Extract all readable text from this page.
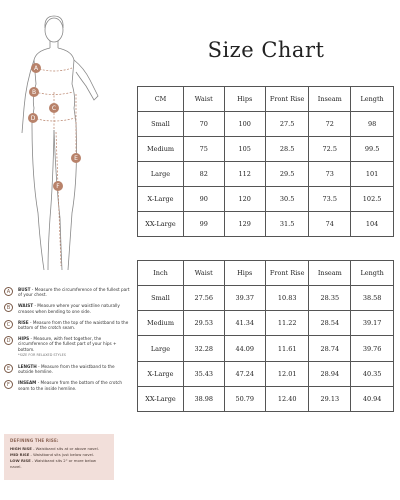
A
B
C
D
E
F
A	BUST - Measure the circumference of the fullest part of your chest.
B	WAIST - Measure where your waistline naturally creases when bending to one side.
C	RISE - Measure from the top of the waistband to the bottom of the crotch seam.
D	HIPS - Measure, with feet together, the circumference of the fullest part of your hips + bottom.
*SIZE FOR RELAXED STYLES
E	LENGTH - Measure from the waistband to the outside hemline.
F	INSEAM - Measure from the bottom of the crotch seam to the inside hemline.
DEFINING THE RISE:
HIGH RISE - Waistband sits at or above navel.
MID RISE - Waistband sits just below navel.
LOW RISE - Waistband sits 2" or more below navel.
Size Chart
CM	Waist	Hips	Front Rise	Inseam	Length
Small	70	100	27.5	72	98
Medium	75	105	28.5	72.5	99.5
Large	82	112	29.5	73	101
X-Large	90	120	30.5	73.5	102.5
XX-Large	99	129	31.5	74	104
Inch	Waist	Hips	Front Rise	Inseam	Length
Small	27.56	39.37	10.83	28.35	38.58
Medium	29.53	41.34	11.22	28.54	39.17
Large	32.28	44.09	11.61	28.74	39.76
X-Large	35.43	47.24	12.01	28.94	40.35
XX-Large	38.98	50.79	12.40	29.13	40.94
